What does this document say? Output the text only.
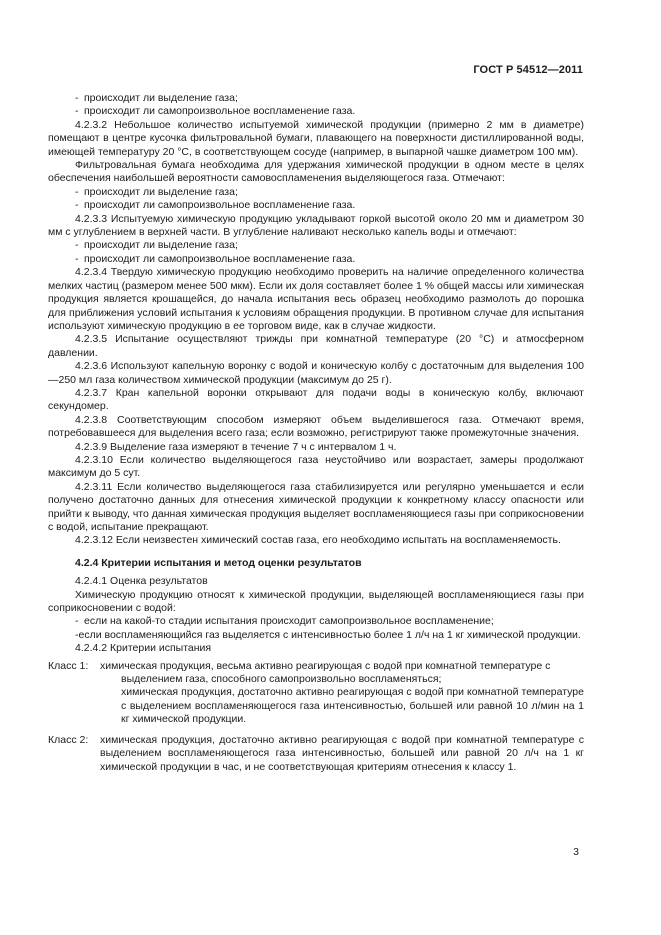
ГОСТ Р 54512—2011

- происходит ли выделение газа;

- происходит ли самопроизвольное воспламенение газа.

4.2.3.2 Небольшое количество испытуемой химической продукции (примерно 2 мм в диаметре) помещают в центре кусочка фильтровальной бумаги, плавающего на поверхности дистиллированной воды, имеющей температуру 20 °С, в соответствующем сосуде (например, в выпарной чашке диаметром 100 мм).

Фильтровальная бумага необходима для удержания химической продукции в одном месте в целях обеспечения наибольшей вероятности самовоспламенения выделяющегося газа. Отмечают:

- происходит ли выделение газа;

- происходит ли самопроизвольное воспламенение газа.

4.2.3.3 Испытуемую химическую продукцию укладывают горкой высотой около 20 мм и диаметром 30 мм с углублением в верхней части. В углубление наливают несколько капель воды и отмечают:

- происходит ли выделение газа;

- происходит ли самопроизвольное воспламенение газа.

4.2.3.4 Твердую химическую продукцию необходимо проверить на наличие определенного количества мелких частиц (размером менее 500 мкм). Если их доля составляет более 1 % общей массы или химическая продукция является крошащейся, до начала испытания весь образец необходимо размолоть до порошка для приближения условий испытания к условиям обращения продукции. В противном случае для испытания используют химическую продукцию в ее торговом виде, как в случае жидкости.

4.2.3.5 Испытание осуществляют трижды при комнатной температуре (20 °С) и атмосферном давлении.

4.2.3.6 Используют капельную воронку с водой и коническую колбу с достаточным для выделения 100—250 мл газа количеством химической продукции (максимум до 25 г).

4.2.3.7 Кран капельной воронки открывают для подачи воды в коническую колбу, включают секундомер.

4.2.3.8 Соответствующим способом измеряют объем выделившегося газа. Отмечают время, потребовавшееся для выделения всего газа; если возможно, регистрируют также промежуточные значения.

4.2.3.9 Выделение газа измеряют в течение 7 ч с интервалом 1 ч.

4.2.3.10 Если количество выделяющегося газа неустойчиво или возрастает, замеры продолжают максимум до 5 сут.

4.2.3.11 Если количество выделяющегося газа стабилизируется или регулярно уменьшается и если получено достаточно данных для отнесения химической продукции к конкретному классу опасности или прийти к выводу, что данная химическая продукция выделяет воспламеняющиеся газы при соприкосновении с водой, испытание прекращают.

4.2.3.12 Если неизвестен химический состав газа, его необходимо испытать на воспламеняемость.

4.2.4 Критерии испытания и метод оценки результатов

4.2.4.1 Оценка результатов

Химическую продукцию относят к химической продукции, выделяющей воспламеняющиеся газы при соприкосновении с водой:

- если на какой-то стадии испытания происходит самопроизвольное воспламенение;

-если воспламеняющийся газ выделяется с интенсивностью более 1 л/ч на 1 кг химической продукции.

4.2.4.2 Критерии испытания

Класс 1:	химическая продукция, весьма активно реагирующая с водой при комнатной температуре с

выделением газа, способного самопроизвольно воспламеняться;

химическая продукция, достаточно активно реагирующая с водой при комнатной температуре с выделением воспламеняющегося газа интенсивностью, большей или равной 10 л/мин на 1 кг химической продукции.

Класс 2:	химическая продукция, достаточно активно реагирующая с водой при комнатной температуре с выделением воспламеняющегося газа интенсивностью, большей или равной 20 л/ч на 1 кг химической продукции в час, и не соответствующая критериям отнесения к классу 1.

3
